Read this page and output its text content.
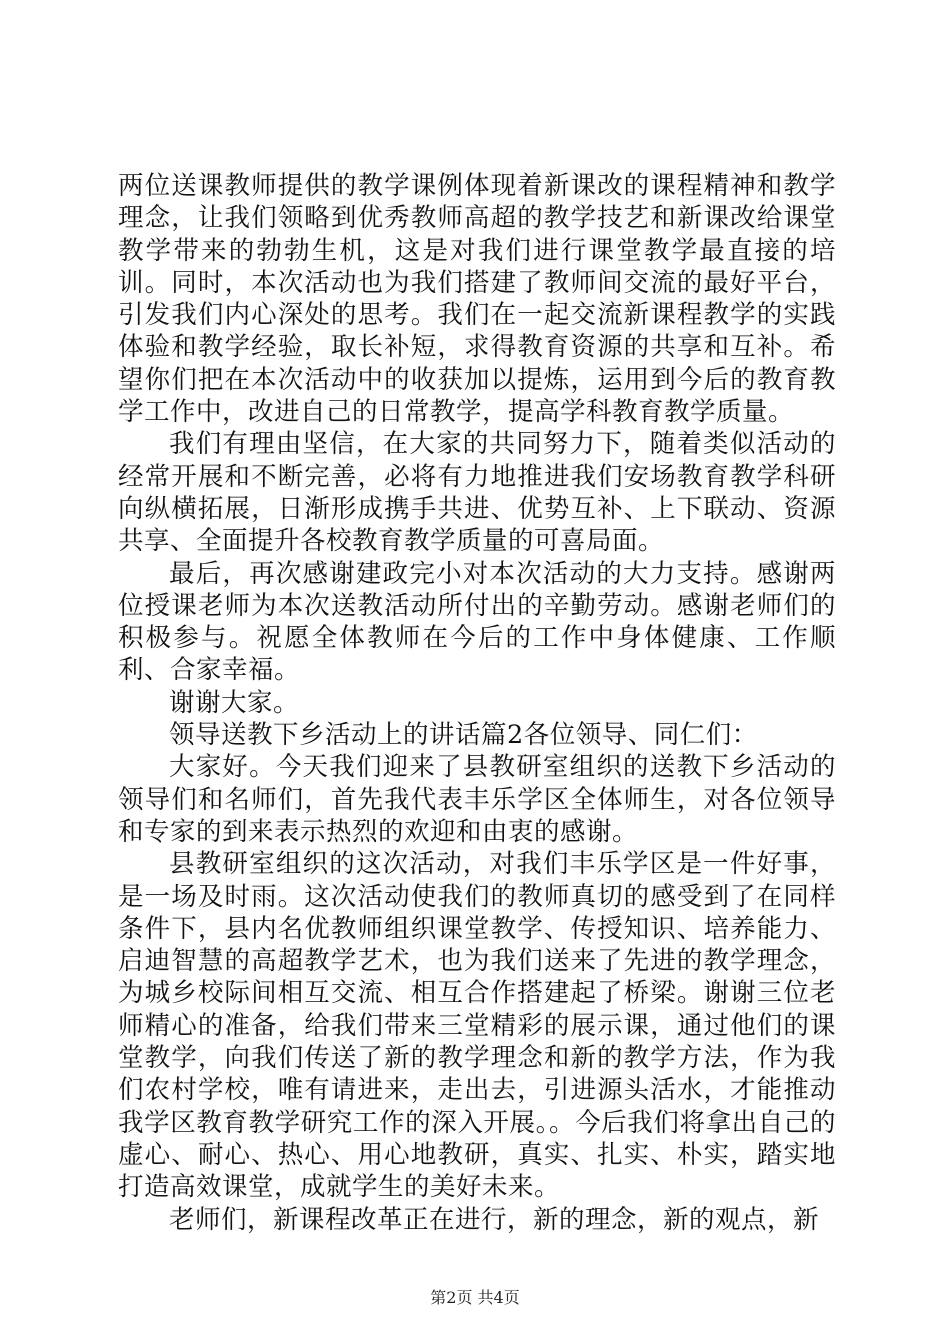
两位送课教师提供的教学课例体现着新课改的课程精神和教学理念，让我们领略到优秀教师高超的教学技艺和新课改给课堂教学带来的勃勃生机，这是对我们进行课堂教学最直接的培训。同时，本次活动也为我们搭建了教师间交流的最好平台，引发我们内心深处的思考。我们在一起交流新课程教学的实践体验和教学经验，取长补短，求得教育资源的共享和互补。希望你们把在本次活动中的收获加以提炼，运用到今后的教育教学工作中，改进自己的日常教学，提高学科教育教学质量。

我们有理由坚信，在大家的共同努力下，随着类似活动的经常开展和不断完善，必将有力地推进我们安场教育教学科研向纵横拓展，日渐形成携手共进、优势互补、上下联动、资源共享、全面提升各校教育教学质量的可喜局面。

最后，再次感谢建政完小对本次活动的大力支持。感谢两位授课老师为本次送教活动所付出的辛勤劳动。感谢老师们的积极参与。祝愿全体教师在今后的工作中身体健康、工作顺利、合家幸福。

谢谢大家。

领导送教下乡活动上的讲话篇2各位领导、同仁们：

大家好。今天我们迎来了县教研室组织的送教下乡活动的领导们和名师们，首先我代表丰乐学区全体师生，对各位领导和专家的到来表示热烈的欢迎和由衷的感谢。

县教研室组织的这次活动，对我们丰乐学区是一件好事，是一场及时雨。这次活动使我们的教师真切的感受到了在同样条件下，县内名优教师组织课堂教学、传授知识、培养能力、启迪智慧的高超教学艺术，也为我们送来了先进的教学理念，为城乡校际间相互交流、相互合作搭建起了桥梁。谢谢三位老师精心的准备，给我们带来三堂精彩的展示课，通过他们的课堂教学，向我们传送了新的教学理念和新的教学方法，作为我们农村学校，唯有请进来，走出去，引进源头活水，才能推动我学区教育教学研究工作的深入开展。。今后我们将拿出自己的虚心、耐心、热心、用心地教研，真实、扎实、朴实，踏实地打造高效课堂，成就学生的美好未来。

老师们，新课程改革正在进行，新的理念，新的观点，新

第2页 共4页
